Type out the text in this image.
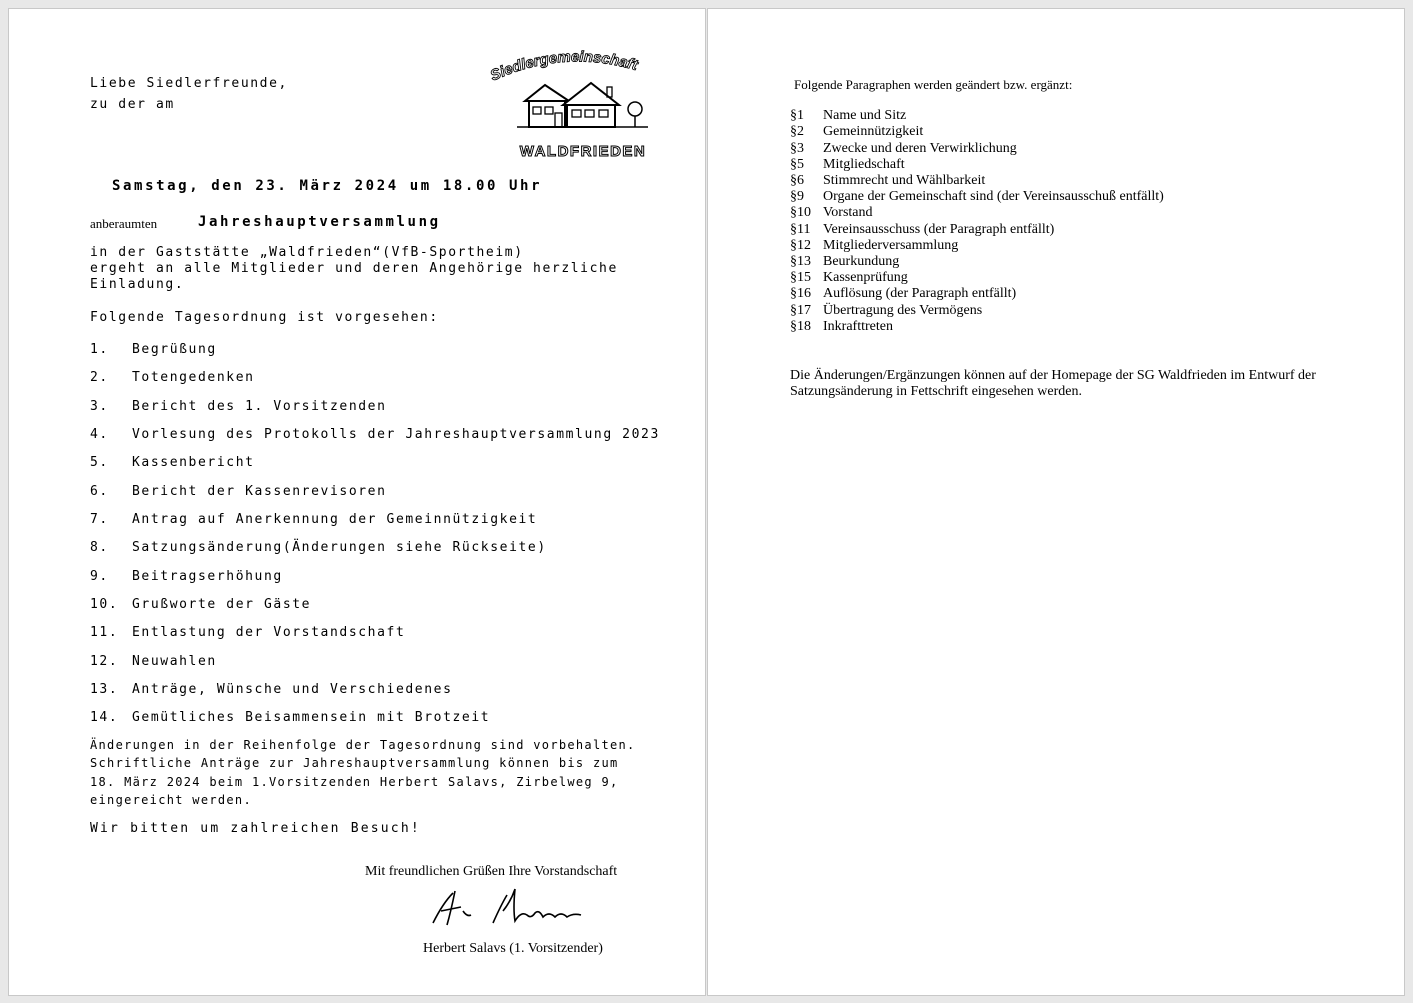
Siedlergemeinschaft
WALDFRIEDEN
Liebe Siedlerfreunde,
zu der am
Samstag, den 23. März 2024 um 18.00 Uhr
anberaumten	Jahreshauptversammlung
in der Gaststätte „Waldfrieden“(VfB-Sportheim)
ergeht an alle Mitglieder und deren Angehörige herzliche
Einladung.
Folgende Tagesordnung ist vorgesehen:
1. Begrüßung
2. Totengedenken
3. Bericht des 1. Vorsitzenden
4. Vorlesung des Protokolls der Jahreshauptversammlung 2023
5. Kassenbericht
6. Bericht der Kassenrevisoren
7. Antrag auf Anerkennung der Gemeinnützigkeit
8. Satzungsänderung(Änderungen siehe Rückseite)
9. Beitragserhöhung
10. Grußworte der Gäste
11. Entlastung der Vorstandschaft
12. Neuwahlen
13. Anträge, Wünsche und Verschiedenes
14. Gemütliches Beisammensein mit Brotzeit
Änderungen in der Reihenfolge der Tagesordnung sind vorbehalten.
Schriftliche Anträge zur Jahreshauptversammlung können bis zum
18. März 2024 beim 1.Vorsitzenden Herbert Salavs, Zirbelweg 9,
eingereicht werden.
Wir bitten um zahlreichen Besuch!
Mit freundlichen Grüßen Ihre Vorstandschaft
Herbert Salavs (1. Vorsitzender)
Folgende Paragraphen werden geändert bzw. ergänzt:
§1 Name und Sitz
§2 Gemeinnützigkeit
§3 Zwecke und deren Verwirklichung
§5 Mitgliedschaft
§6 Stimmrecht und Wählbarkeit
§9 Organe der Gemeinschaft sind (der Vereinsausschuß entfällt)
§10 Vorstand
§11 Vereinsausschuss (der Paragraph entfällt)
§12 Mitgliederversammlung
§13 Beurkundung
§15 Kassenprüfung
§16 Auflösung (der Paragraph entfällt)
§17 Übertragung des Vermögens
§18 Inkrafttreten
Die Änderungen/Ergänzungen können auf der Homepage der SG Waldfrieden im Entwurf der
Satzungsänderung in Fettschrift eingesehen werden.
